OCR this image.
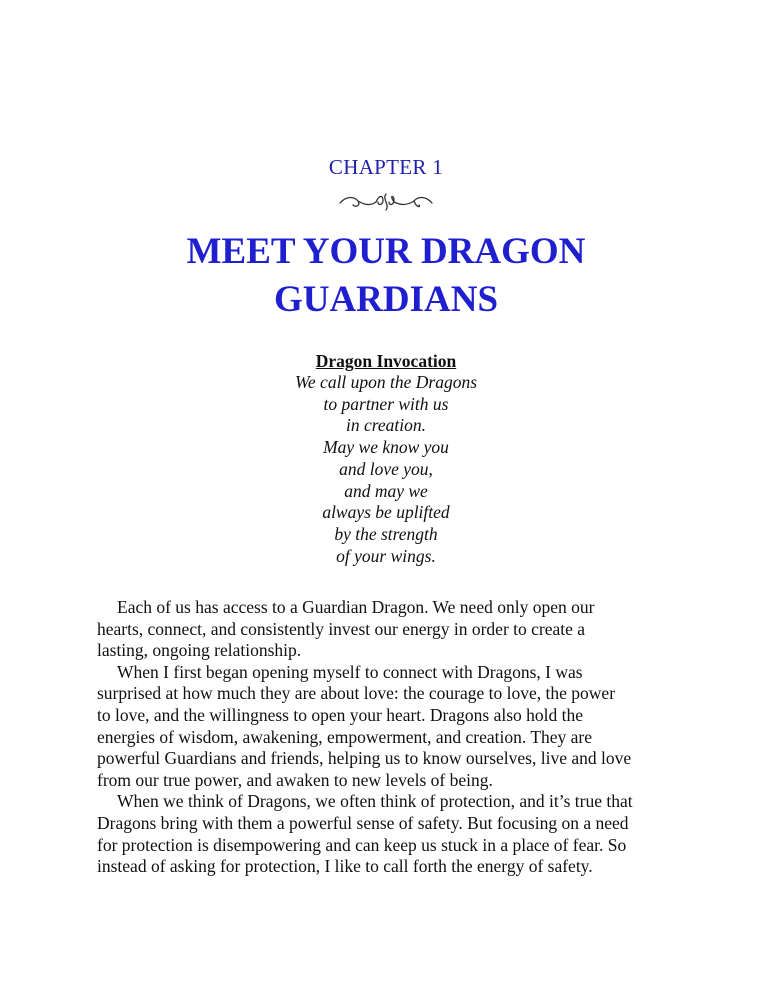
CHAPTER 1
MEET YOUR DRAGON
GUARDIANS
Dragon Invocation
We call upon the Dragons
to partner with us
in creation.
May we know you
and love you,
and may we
always be uplifted
by the strength
of your wings.
Each of us has access to a Guardian Dragon. We need only open our
hearts, connect, and consistently invest our energy in order to create a
lasting, ongoing relationship.
When I first began opening myself to connect with Dragons, I was
surprised at how much they are about love: the courage to love, the power
to love, and the willingness to open your heart. Dragons also hold the
energies of wisdom, awakening, empowerment, and creation. They are
powerful Guardians and friends, helping us to know ourselves, live and love
from our true power, and awaken to new levels of being.
When we think of Dragons, we often think of protection, and it’s true that
Dragons bring with them a powerful sense of safety. But focusing on a need
for protection is disempowering and can keep us stuck in a place of fear. So
instead of asking for protection, I like to call forth the energy of safety.
